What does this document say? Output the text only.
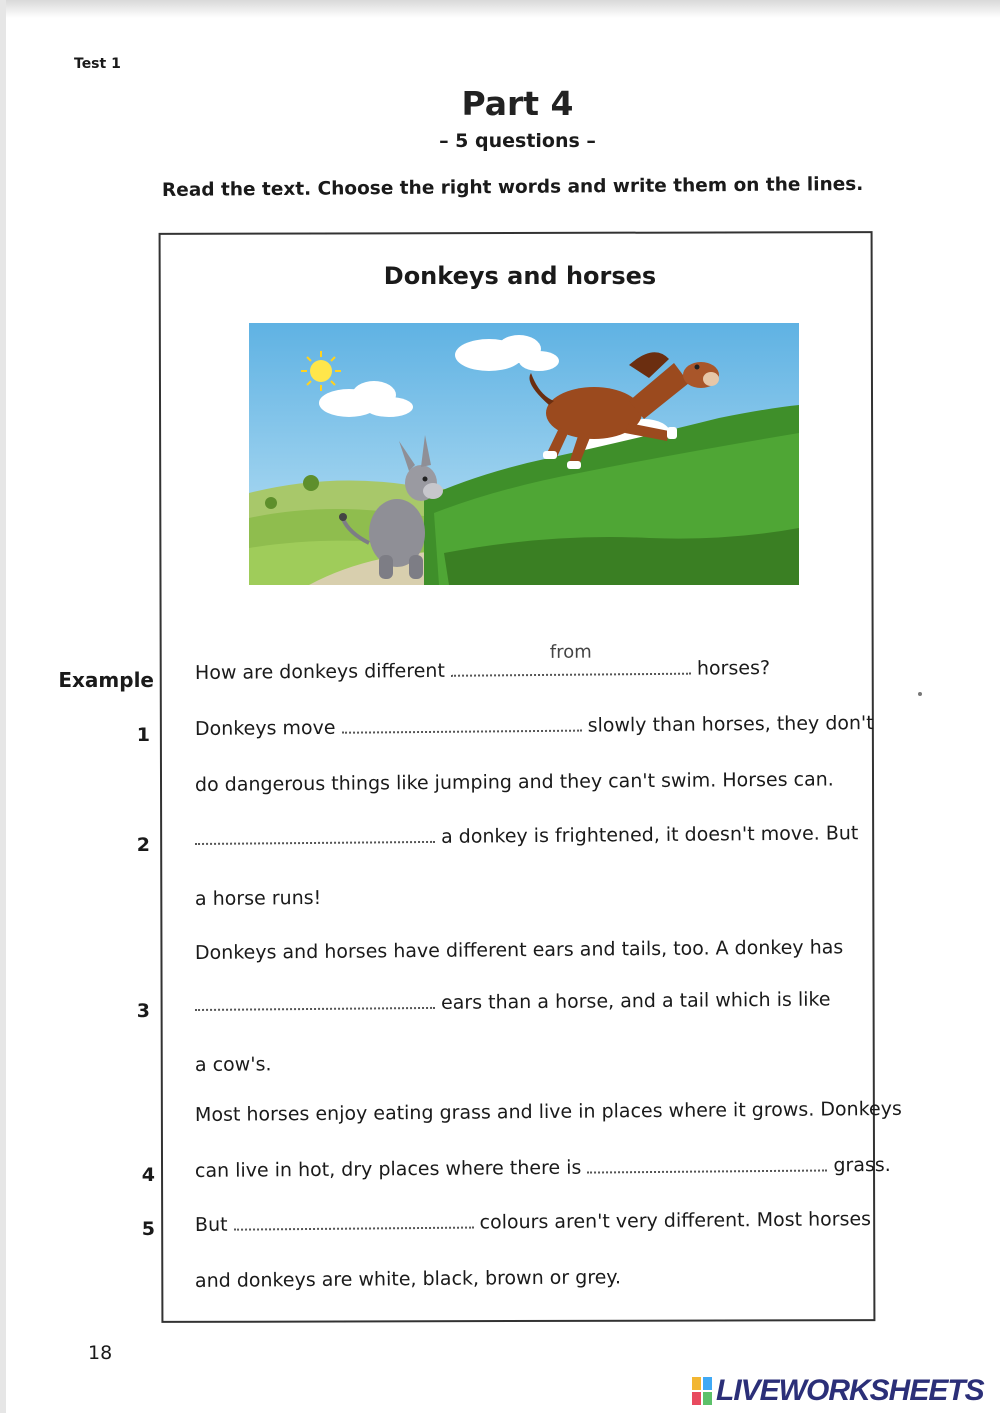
Test 1
Part 4
– 5 questions –
Read the text. Choose the right words and write them on the lines.
Donkeys and horses
Example How are donkeys different
from
horses?
1 Donkeys move	slowly than horses, they don't
do dangerous things like jumping and they can't swim. Horses can.
2	a donkey is frightened, it doesn't move. But
a horse runs!
Donkeys and horses have different ears and tails, too. A donkey has
3	ears than a horse, and a tail which is like
a cow's.
Most horses enjoy eating grass and live in places where it grows. Donkeys
4 can live in hot, dry places where there is	grass.
5 But	colours aren't very different. Most horses
and donkeys are white, black, brown or grey.
18
LIVEWORKSHEETS
